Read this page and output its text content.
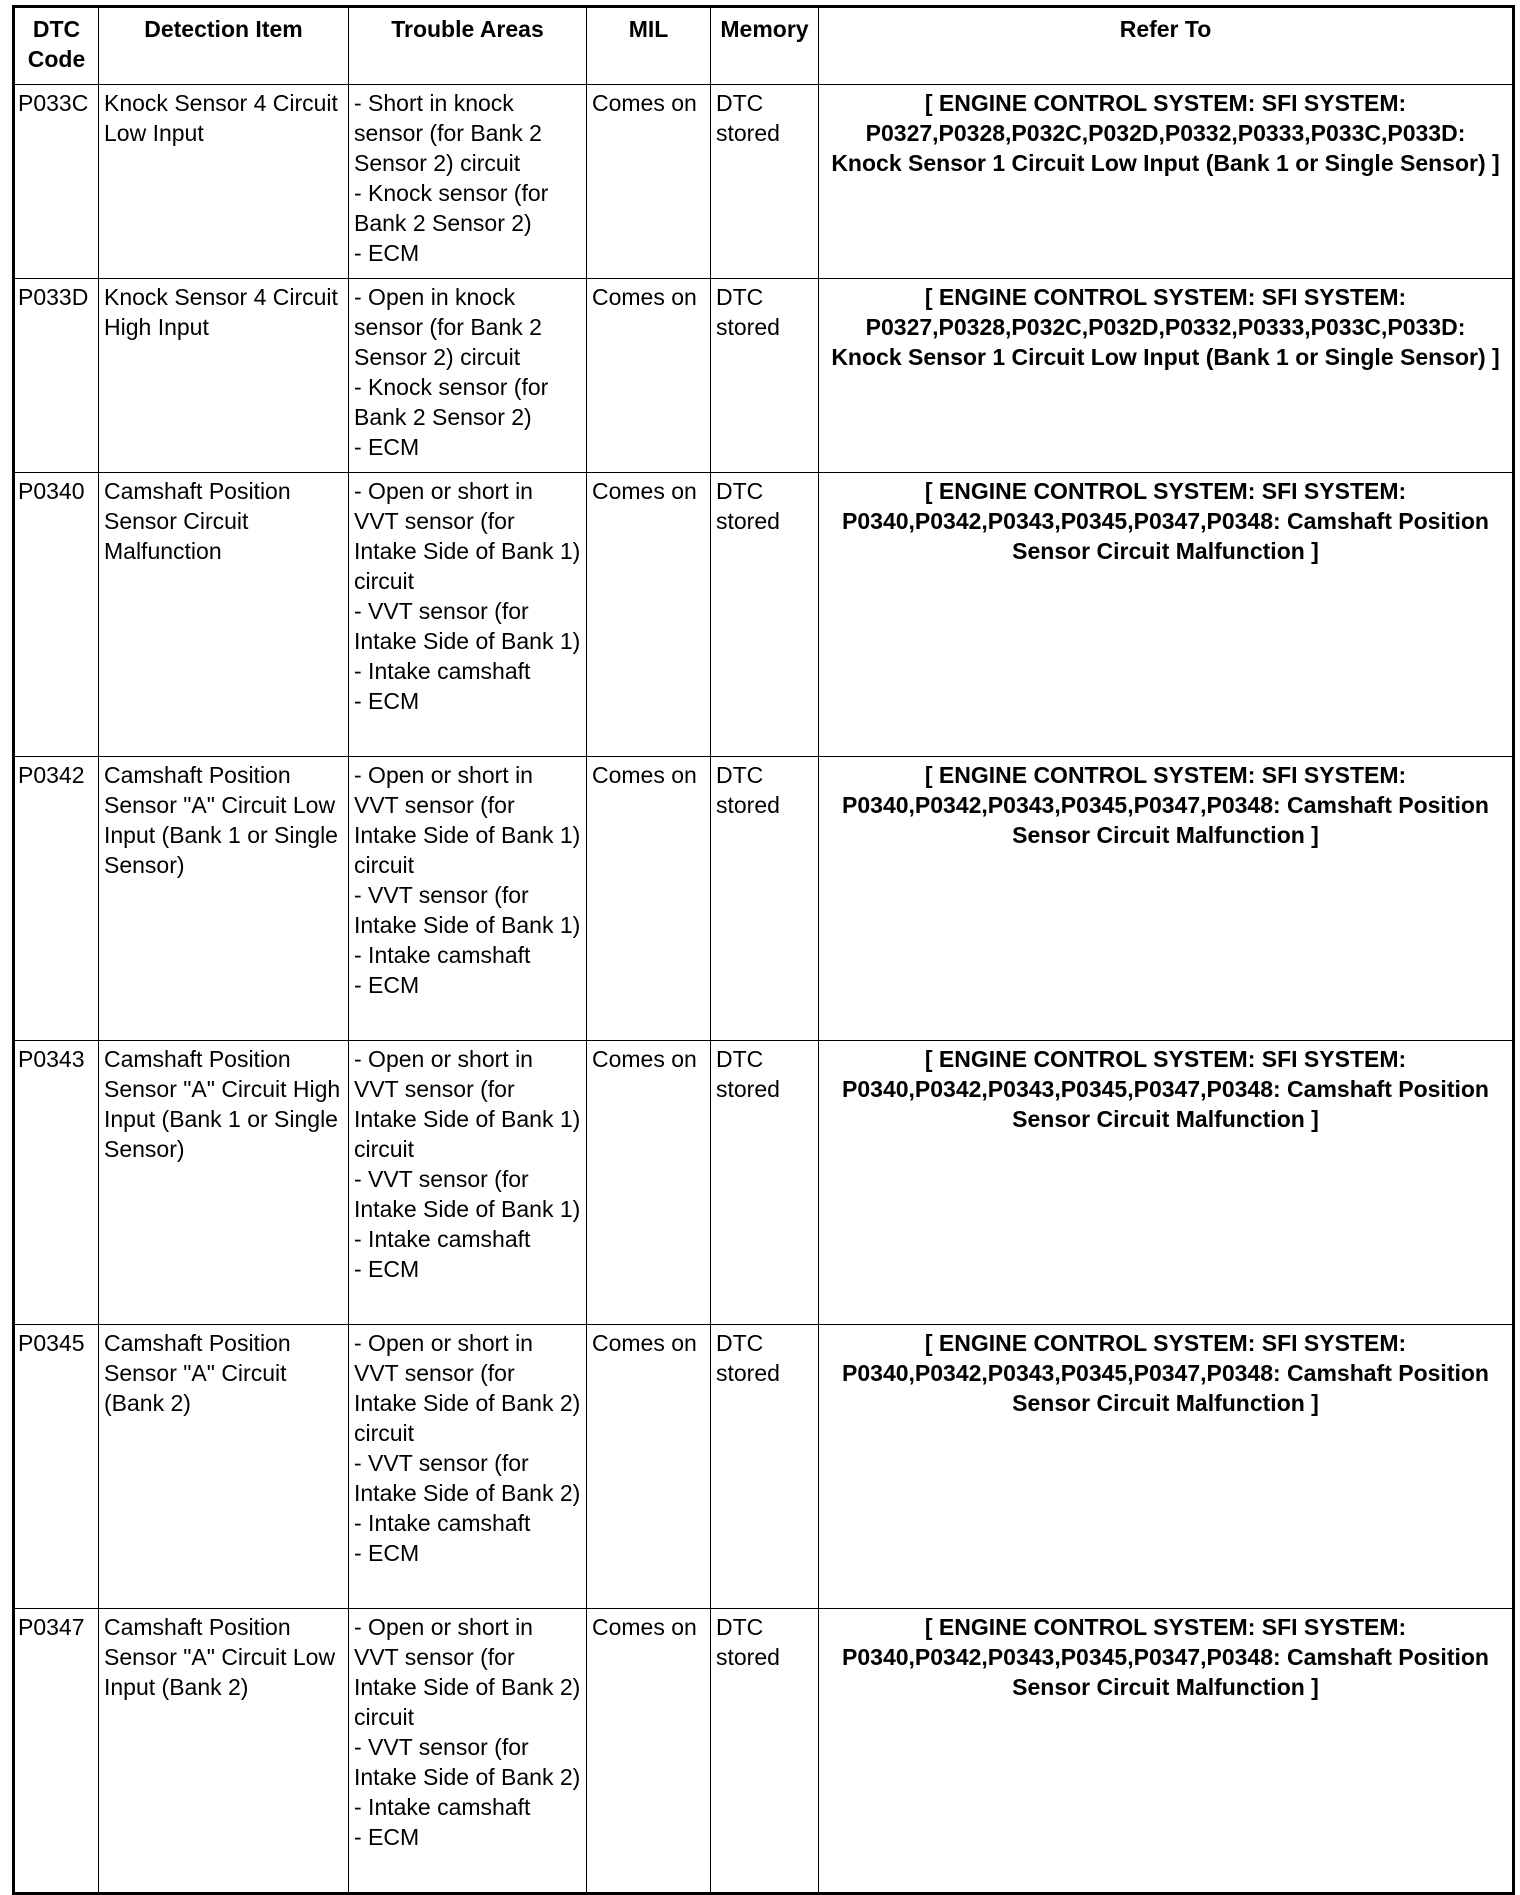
DTC Code	Detection Item	Trouble Areas	MIL	Memory	Refer To
P033C	Knock Sensor 4 Circuit Low Input	- Short in knock sensor (for Bank 2 Sensor 2) circuit
- Knock sensor (for Bank 2 Sensor 2)
- ECM	Comes on	DTC stored	[ ENGINE CONTROL SYSTEM: SFI SYSTEM: P0327,P0328,P032C,P032D,P0332,P0333,P033C,P033D: Knock Sensor 1 Circuit Low Input (Bank 1 or Single Sensor) ]
P033D	Knock Sensor 4 Circuit High Input	- Open in knock sensor (for Bank 2 Sensor 2) circuit
- Knock sensor (for Bank 2 Sensor 2)
- ECM	Comes on	DTC stored	[ ENGINE CONTROL SYSTEM: SFI SYSTEM: P0327,P0328,P032C,P032D,P0332,P0333,P033C,P033D: Knock Sensor 1 Circuit Low Input (Bank 1 or Single Sensor) ]
P0340	Camshaft Position Sensor Circuit Malfunction	- Open or short in VVT sensor (for Intake Side of Bank 1) circuit
- VVT sensor (for Intake Side of Bank 1)
- Intake camshaft
- ECM	Comes on	DTC stored	[ ENGINE CONTROL SYSTEM: SFI SYSTEM: P0340,P0342,P0343,P0345,P0347,P0348: Camshaft Position Sensor Circuit Malfunction ]
P0342	Camshaft Position Sensor "A" Circuit Low Input (Bank 1 or Single Sensor)	- Open or short in VVT sensor (for Intake Side of Bank 1) circuit
- VVT sensor (for Intake Side of Bank 1)
- Intake camshaft
- ECM	Comes on	DTC stored	[ ENGINE CONTROL SYSTEM: SFI SYSTEM: P0340,P0342,P0343,P0345,P0347,P0348: Camshaft Position Sensor Circuit Malfunction ]
P0343	Camshaft Position Sensor "A" Circuit High Input (Bank 1 or Single Sensor)	- Open or short in VVT sensor (for Intake Side of Bank 1) circuit
- VVT sensor (for Intake Side of Bank 1)
- Intake camshaft
- ECM	Comes on	DTC stored	[ ENGINE CONTROL SYSTEM: SFI SYSTEM: P0340,P0342,P0343,P0345,P0347,P0348: Camshaft Position Sensor Circuit Malfunction ]
P0345	Camshaft Position Sensor "A" Circuit (Bank 2)	- Open or short in VVT sensor (for Intake Side of Bank 2) circuit
- VVT sensor (for Intake Side of Bank 2)
- Intake camshaft
- ECM	Comes on	DTC stored	[ ENGINE CONTROL SYSTEM: SFI SYSTEM: P0340,P0342,P0343,P0345,P0347,P0348: Camshaft Position Sensor Circuit Malfunction ]
P0347	Camshaft Position Sensor "A" Circuit Low Input (Bank 2)	- Open or short in VVT sensor (for Intake Side of Bank 2) circuit
- VVT sensor (for Intake Side of Bank 2)
- Intake camshaft
- ECM	Comes on	DTC stored	[ ENGINE CONTROL SYSTEM: SFI SYSTEM: P0340,P0342,P0343,P0345,P0347,P0348: Camshaft Position Sensor Circuit Malfunction ]
